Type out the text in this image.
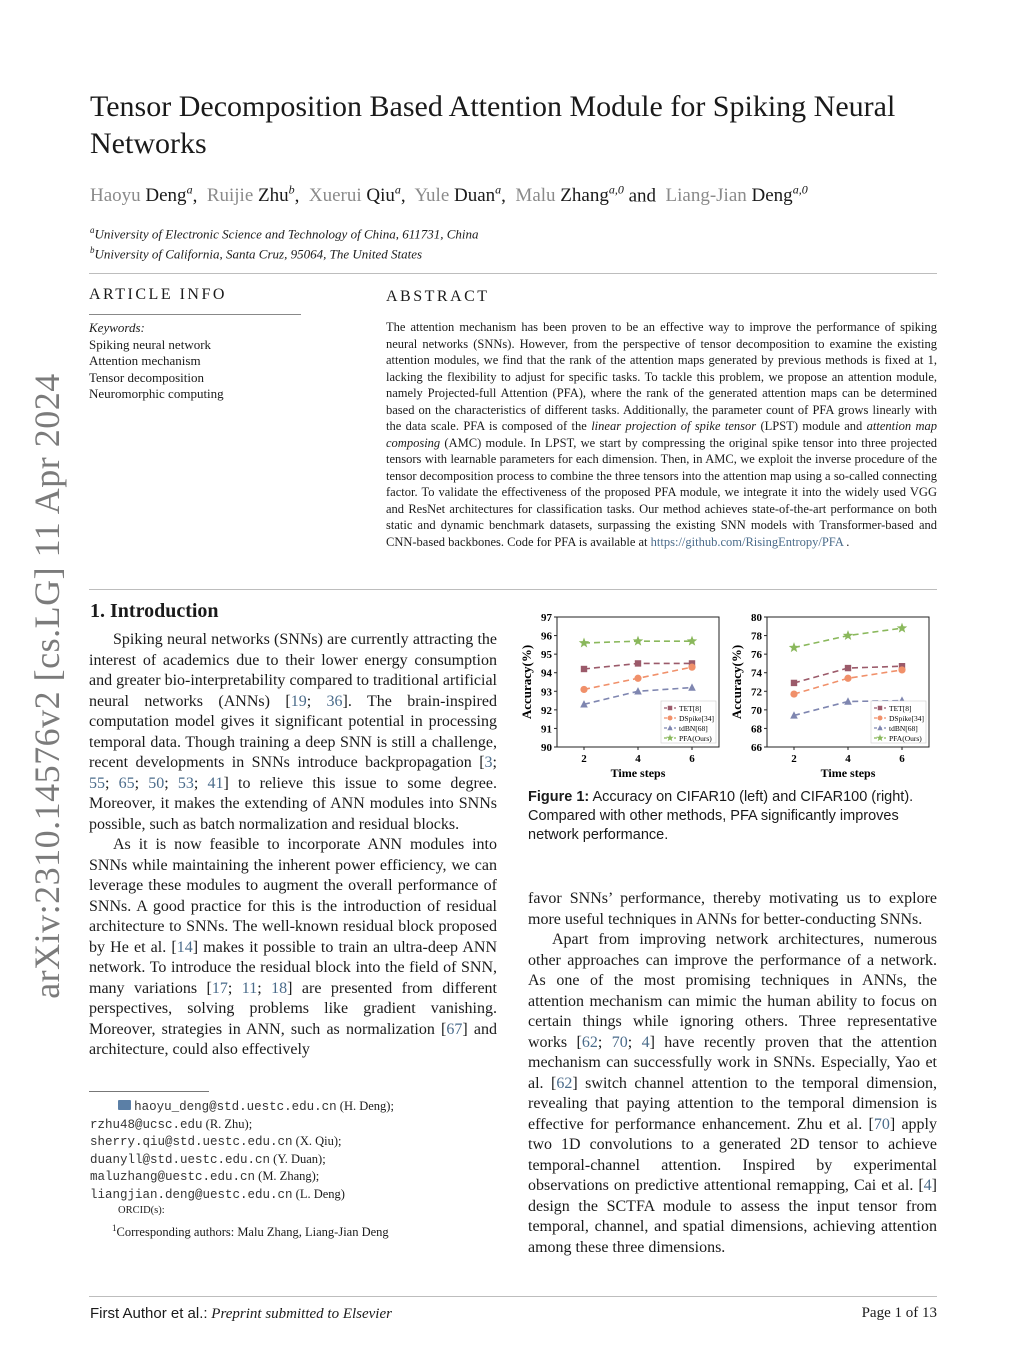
arXiv:2310.14576v2 [cs.LG] 11 Apr 2024
Tensor Decomposition Based Attention Module for Spiking Neural Networks
Haoyu Deng$^a$,  Ruijie Zhu$^b$,  Xuerui Qiu$^a$,  Yule Duan$^a$,  Malu Zhang$^{a,0}$ and Liang-Jian Deng$^{a,0}$
$^a$University of Electronic Science and Technology of China, 611731, China
$^b$University of California, Santa Cruz, 95064, The United States
ARTICLE INFO
Keywords:
Spiking neural network
Attention mechanism
Tensor decomposition
Neuromorphic computing
ABSTRACT
The attention mechanism has been proven to be an effective way to improve the performance of spiking neural networks (SNNs). However, from the perspective of tensor decomposition to examine the existing attention modules, we find that the rank of the attention maps generated by previous methods is fixed at 1, lacking the flexibility to adjust for specific tasks. To tackle this problem, we propose an attention module, namely Projected-full Attention (PFA), where the rank of the generated attention maps can be determined based on the characteristics of different tasks. Additionally, the parameter count of PFA grows linearly with the data scale. PFA is composed of the linear projection of spike tensor (LPST) module and attention map composing (AMC) module. In LPST, we start by compressing the original spike tensor into three projected tensors with learnable parameters for each dimension. Then, in AMC, we exploit the inverse procedure of the tensor decomposition process to combine the three tensors into the attention map using a so-called connecting factor. To validate the effectiveness of the proposed PFA module, we integrate it into the widely used VGG and ResNet architectures for classification tasks. Our method achieves state-of-the-art performance on both static and dynamic benchmark datasets, surpassing the existing SNN models with Transformer-based and CNN-based backbones. Code for PFA is available at https://github.com/RisingEntropy/PFA .
1. Introduction

Spiking neural networks (SNNs) are currently attracting the interest of academics due to their lower energy consumption and greater bio-interpretability compared to traditional artificial neural networks (ANNs) [19; 36]. The brain-inspired computation model gives it significant potential in processing temporal data. Though training a deep SNN is still a challenge, recent developments in SNNs introduce backpropagation [3; 55; 65; 50; 53; 41] to relieve this issue to some degree. Moreover, it makes the extending of ANN modules into SNNs possible, such as batch normalization and residual blocks.

As it is now feasible to incorporate ANN modules into SNNs while maintaining the inherent power efficiency, we can leverage these modules to augment the overall performance of SNNs. A good practice for this is the introduction of residual architecture to SNNs. The well-known residual block proposed by He et al. [14] makes it possible to train an ultra-deep ANN network. To introduce the residual block into the field of SNN, many variations [17; 11; 18] are presented from different perspectives, solving problems like gradient vanishing. Moreover, strategies in ANN, such as normalization [67] and architecture, could also effectively

90
91
92
93
94
95
96
97
2	4	6
Time steps
Accuracy(%)	TET[8]
DSpike[34]
tdBN[68]
PFA(Ours)
66
68
70
72
74
76
78
80
2	4	6
Time steps
Accuracy(%)	TET[8]
DSpike[34]
tdBN[68]
PFA(Ours)
Figure 1: Accuracy on CIFAR10 (left) and CIFAR100 (right). Compared with other methods, PFA significantly improves network performance.

favor SNNs’ performance, thereby motivating us to explore more useful techniques in ANNs for better-conducting SNNs.

Apart from improving network architectures, numerous other approaches can improve the performance of a network. As one of the most promising techniques in ANNs, the attention mechanism can mimic the human ability to focus on certain things while ignoring others. Three representative works [62; 70; 4] have recently proven that the attention mechanism can successfully work in SNNs. Especially, Yao et al. [62] switch channel attention to the temporal dimension, revealing that paying attention to the temporal dimension is effective for performance enhancement. Zhu et al. [70] apply two 1D convolutions to a generated 2D tensor to achieve temporal-channel attention. Inspired by experimental observations on predictive attentional remapping, Cai et al. [4] design the SCTFA module to assess the input tensor from temporal, channel, and spatial dimensions, achieving attention among these three dimensions.

haoyu_deng@std.uestc.edu.cn (H. Deng);
rzhu48@ucsc.edu (R. Zhu);
sherry.qiu@std.uestc.edu.cn (X. Qiu);
duanyll@std.uestc.edu.cn (Y. Duan);
maluzhang@uestc.edu.cn (M. Zhang);
liangjian.deng@uestc.edu.cn (L. Deng)
ORCID(s):
$^1$Corresponding authors: Malu Zhang, Liang-Jian Deng
First Author et al.: Preprint submitted to Elsevier	Page 1 of 13
